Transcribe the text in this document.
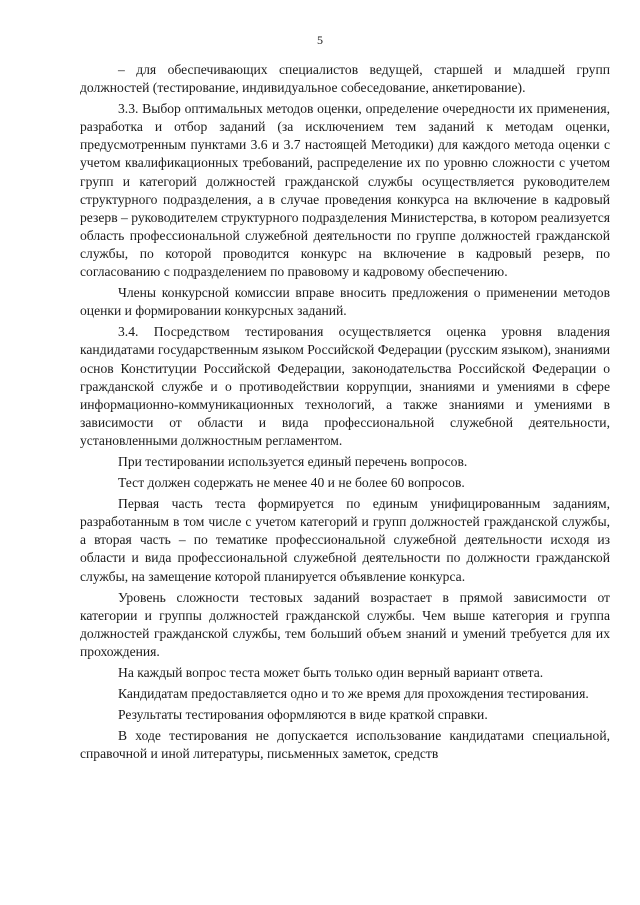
5

– для обеспечивающих специалистов ведущей, старшей и младшей групп должностей (тестирование, индивидуальное собеседование, анкетирование).

3.3. Выбор оптимальных методов оценки, определение очередности их применения, разработка и отбор заданий (за исключением тем заданий к методам оценки, предусмотренным пунктами 3.6 и 3.7 настоящей Методики) для каждого метода оценки с учетом квалификационных требований, распределение их по уровню сложности с учетом групп и категорий должностей гражданской службы осуществляется руководителем структурного подразделения, а в случае проведения конкурса на включение в кадровый резерв – руководителем структурного подразделения Министерства, в котором реализуется область профессиональной служебной деятельности по группе должностей гражданской службы, по которой проводится конкурс на включение в кадровый резерв, по согласованию с подразделением по правовому и кадровому обеспечению.

Члены конкурсной комиссии вправе вносить предложения о применении методов оценки и формировании конкурсных заданий.

3.4. Посредством тестирования осуществляется оценка уровня владения кандидатами государственным языком Российской Федерации (русским языком), знаниями основ Конституции Российской Федерации, законодательства Российской Федерации о гражданской службе и о противодействии коррупции, знаниями и умениями в сфере информационно-коммуникационных технологий, а также знаниями и умениями в зависимости от области и вида профессиональной служебной деятельности, установленными должностным регламентом.

При тестировании используется единый перечень вопросов.

Тест должен содержать не менее 40 и не более 60 вопросов.

Первая часть теста формируется по единым унифицированным заданиям, разработанным в том числе с учетом категорий и групп должностей гражданской службы, а вторая часть – по тематике профессиональной служебной деятельности исходя из области и вида профессиональной служебной деятельности по должности гражданской службы, на замещение которой планируется объявление конкурса.

Уровень сложности тестовых заданий возрастает в прямой зависимости от категории и группы должностей гражданской службы. Чем выше категория и группа должностей гражданской службы, тем больший объем знаний и умений требуется для их прохождения.

На каждый вопрос теста может быть только один верный вариант ответа.

Кандидатам предоставляется одно и то же время для прохождения тестирования.

Результаты тестирования оформляются в виде краткой справки.

В ходе тестирования не допускается использование кандидатами специальной, справочной и иной литературы, письменных заметок, средств
